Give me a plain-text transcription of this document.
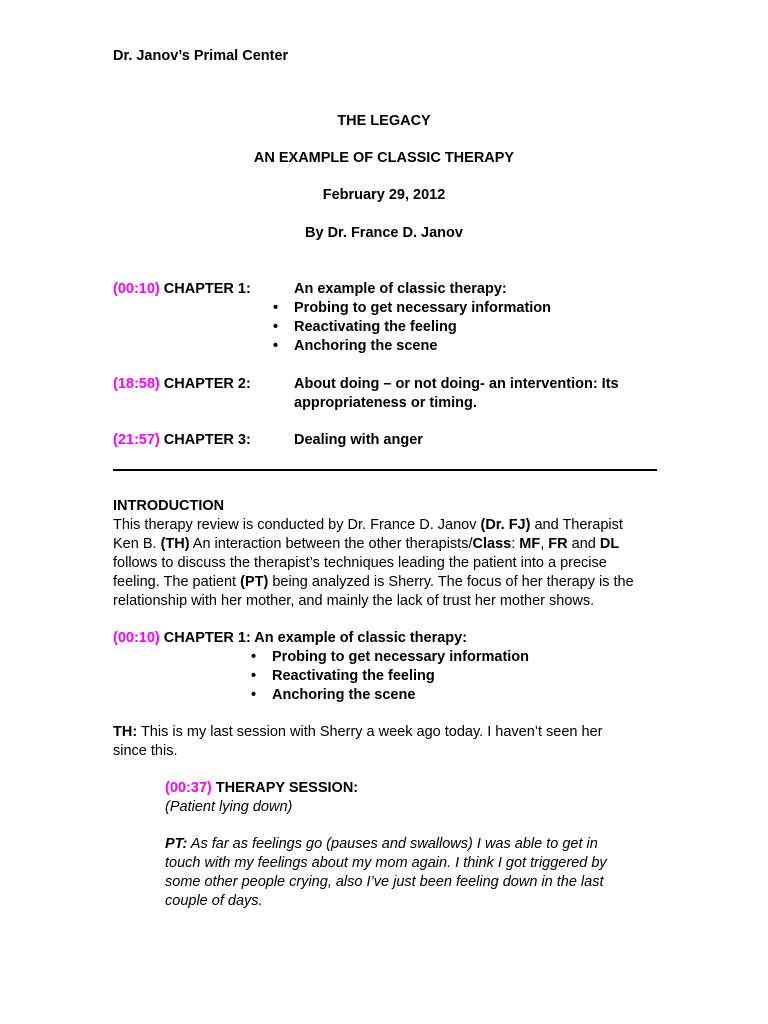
Dr. Janov’s Primal Center
THE LEGACY
AN EXAMPLE OF CLASSIC THERAPY
February 29, 2012
By Dr. France D. Janov
(00:10) CHAPTER 1:	An example of classic therapy:
• Probing to get necessary information
• Reactivating the feeling
• Anchoring the scene
(18:58) CHAPTER 2:	About doing – or not doing- an intervention: Its
appropriateness or timing.
(21:57) CHAPTER 3:	Dealing with anger
INTRODUCTION
This therapy review is conducted by Dr. France D. Janov (Dr. FJ) and Therapist
Ken B. (TH) An interaction between the other therapists/Class: MF, FR and DL
follows to discuss the therapist’s techniques leading the patient into a precise
feeling. The patient (PT) being analyzed is Sherry. The focus of her therapy is the
relationship with her mother, and mainly the lack of trust her mother shows.
(00:10) CHAPTER 1: An example of classic therapy:
• Probing to get necessary information
• Reactivating the feeling
• Anchoring the scene
TH: This is my last session with Sherry a week ago today. I haven’t seen her
since this.
(00:37) THERAPY SESSION:
(Patient lying down)
PT: As far as feelings go (pauses and swallows) I was able to get in
touch with my feelings about my mom again. I think I got triggered by
some other people crying, also I’ve just been feeling down in the last
couple of days.
